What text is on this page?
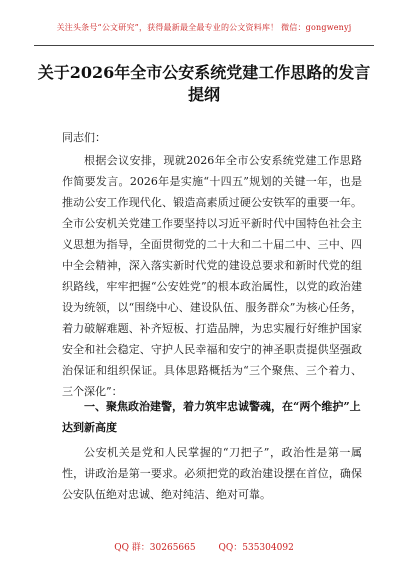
关注头条号“公文研究”，获得最新最全最专业的公文资料库！ 微信：gongwenyj
关于2026年全市公安系统党建工作思路的发言提纲
同志们：
根据会议安排，现就2026年全市公安系统党建工作思路作简要发言。2026年是实施“十四五”规划的关键一年，也是推动公安工作现代化、锻造高素质过硬公安铁军的重要一年。全市公安机关党建工作要坚持以习近平新时代中国特色社会主义思想为指导，全面贯彻党的二十大和二十届二中、三中、四中全会精神，深入落实新时代党的建设总要求和新时代党的组织路线，牢牢把握“公安姓党”的根本政治属性，以党的政治建设为统领，以“围绕中心、建设队伍、服务群众”为核心任务，着力破解难题、补齐短板、打造品牌，为忠实履行好维护国家安全和社会稳定、守护人民幸福和安宁的神圣职责提供坚强政治保证和组织保证。具体思路概括为“三个聚焦、三个着力、三个深化”：
一、聚焦政治建警，着力筑牢忠诚警魂，在“两个维护”上达到新高度
公安机关是党和人民掌握的“刀把子”，政治性是第一属性，讲政治是第一要求。必须把党的政治建设摆在首位，确保公安队伍绝对忠诚、绝对纯洁、绝对可靠。
QQ 群：30265665	QQ：535304092
